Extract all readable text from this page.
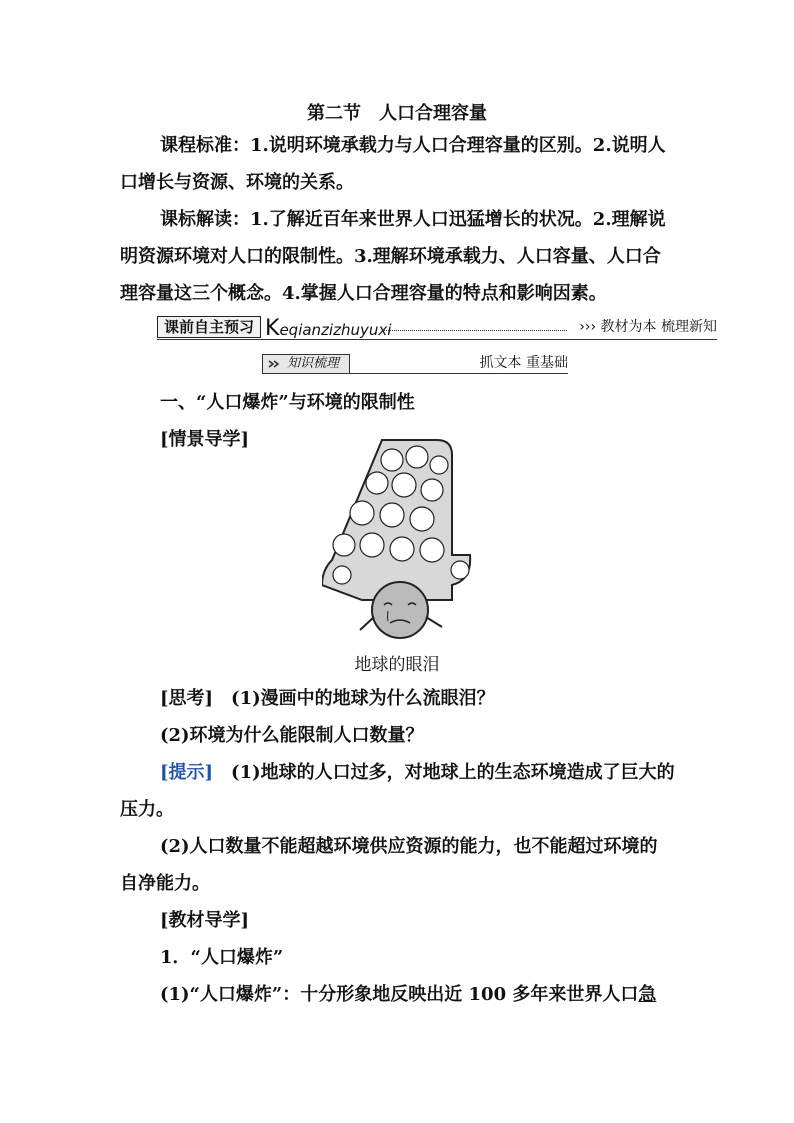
第二节　人口合理容量
课程标准：1.说明环境承载力与人口合理容量的区别。2.说明人
口增长与资源、环境的关系。
课标解读：1.了解近百年来世界人口迅猛增长的状况。2.理解说
明资源环境对人口的限制性。3.理解环境承载力、人口容量、人口合
理容量这三个概念。4.掌握人口合理容量的特点和影响因素。
课前自主预习 Keqianzizhuyuxi	››› 教材为本 梳理新知
知识梳理	抓文本 重基础
一、“人口爆炸”与环境的限制性
[情景导学]
地球的眼泪
[思考]　 (1)漫画中的地球为什么流眼泪？
(2)环境为什么能限制人口数量？
[提示]　 (1)地球的人口过多，对地球上的生态环境造成了巨大的
压力。
(2)人口数量不能超越环境供应资源的能力，也不能超过环境的
自净能力。
[教材导学]
1．“人口爆炸”
(1)“人口爆炸”：十分形象地反映出近 100 多年来世界人口急
